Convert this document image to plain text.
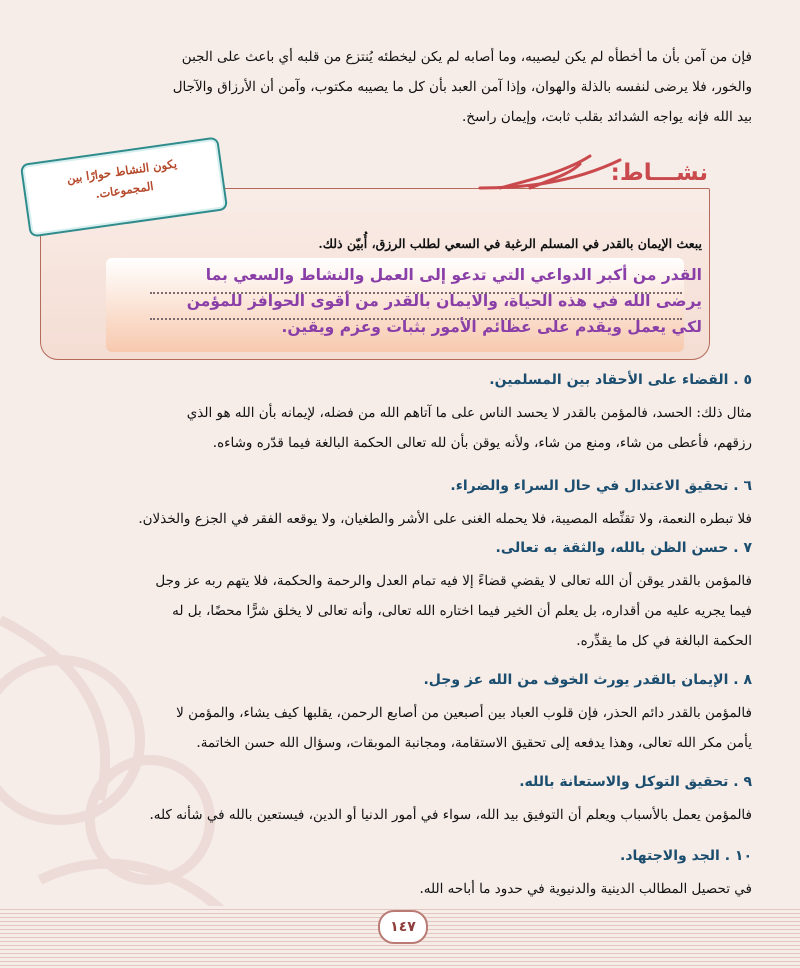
فإن من آمن بأن ما أخطأه لم يكن ليصيبه، وما أصابه لم يكن ليخطئه يُنتزع من قلبه أي باعث على الجبن
والخور، فلا يرضى لنفسه بالذلة والهوان، وإذا آمن العبد بأن كل ما يصيبه مكتوب، وآمن أن الأرزاق والآجال
بيد الله فإنه يواجه الشدائد بقلب ثابت، وإيمان راسخ.

نشـــاط:

يكون النشاط حوارًا بين المجموعات.

يبعث الإيمان بالقدر في المسلم الرغبة في السعي لطلب الرزق، أُبيّن ذلك.

القدر من أكبر الدواعي التي تدعو إلى العمل والنشاط والسعي بما

يرضى الله في هذه الحياة، والايمان بالقدر من أقوى الحوافز للمؤمن

لكي يعمل ويقدم على عظائم الأمور بثبات وعزم ويقين.

٥ . القضاء على الأحقاد بين المسلمين.

مثال ذلك: الحسد، فالمؤمن بالقدر لا يحسد الناس على ما آتاهم الله من فضله، لإيمانه بأن الله هو الذي
رزقهم، فأعطى من شاء، ومنع من شاء، ولأنه يوقن بأن لله تعالى الحكمة البالغة فيما قدّره وشاءه.

٦ . تحقيق الاعتدال في حال السراء والضراء.

فلا تبطره النعمة، ولا تقنِّطه المصيبة، فلا يحمله الغنى على الأشر والطغيان، ولا يوقعه الفقر في الجزع والخذلان.

٧ . حسن الظن بالله، والثقة به تعالى.

فالمؤمن بالقدر يوقن أن الله تعالى لا يقضي قضاءً إلا فيه تمام العدل والرحمة والحكمة، فلا يتهم ربه عز وجل
فيما يجريه عليه من أقداره، بل يعلم أن الخير فيما اختاره الله تعالى، وأنه تعالى لا يخلق شرًّا محضًا، بل له
الحكمة البالغة في كل ما يقدِّره.

٨ . الإيمان بالقدر يورث الخوف من الله عز وجل.

فالمؤمن بالقدر دائم الحذر، فإن قلوب العباد بين أصبعين من أصابع الرحمن، يقلبها كيف يشاء، والمؤمن لا
يأمن مكر الله تعالى، وهذا يدفعه إلى تحقيق الاستقامة، ومجانبة الموبقات، وسؤال الله حسن الخاتمة.

٩ . تحقيق التوكل والاستعانة بالله.

فالمؤمن يعمل بالأسباب ويعلم أن التوفيق بيد الله، سواء في أمور الدنيا أو الدين، فيستعين بالله في شأنه كله.

١٠ . الجد والاجتهاد.

في تحصيل المطالب الدينية والدنيوية في حدود ما أباحه الله.

١٤٧
